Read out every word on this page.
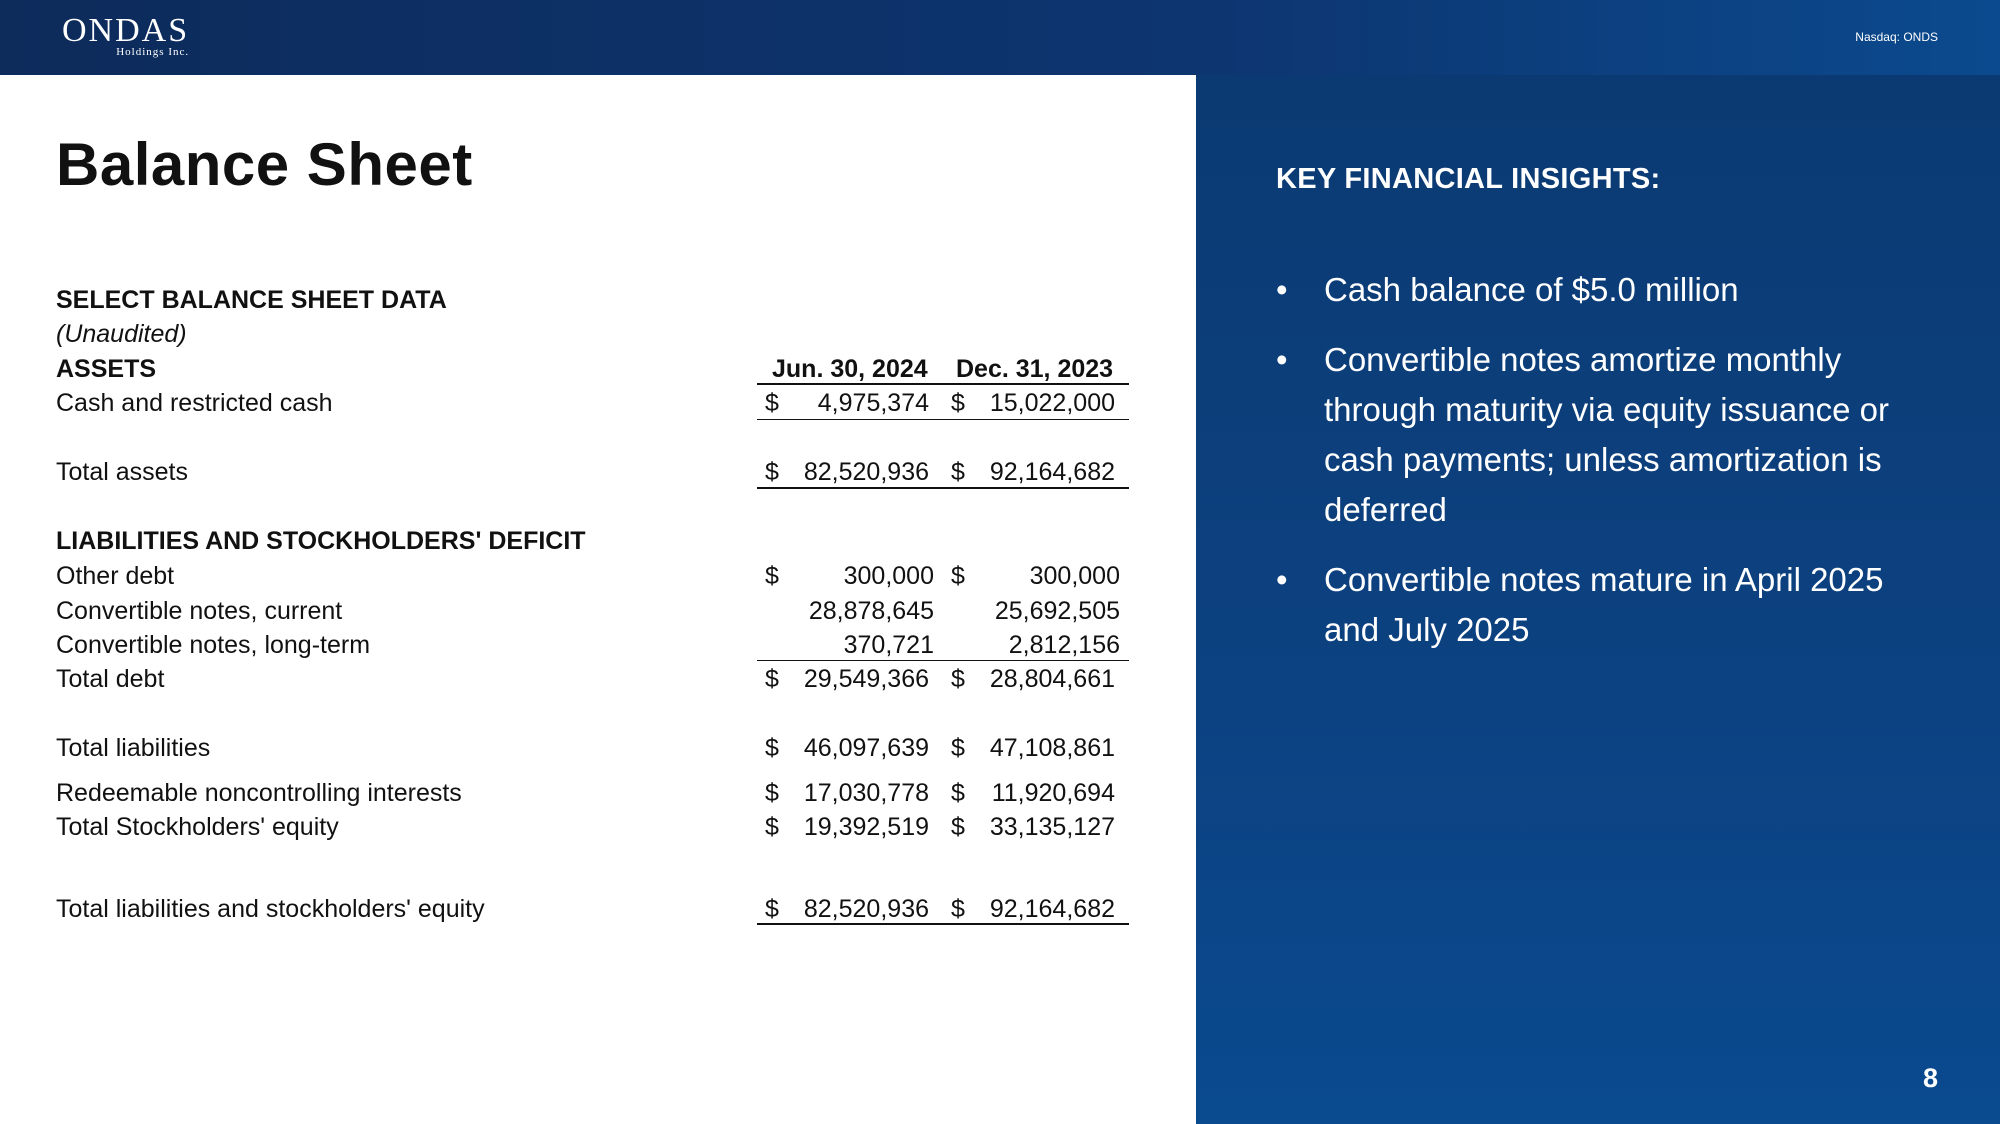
ONDAS
Holdings Inc.
Nasdaq: ONDS
Balance Sheet
SELECT BALANCE SHEET DATA
(Unaudited)
ASSETS	Jun. 30, 2024 Dec. 31, 2023
Cash and restricted cash	$ 4,975,374 $ 15,022,000
Total assets	$ 82,520,936 $ 92,164,682
LIABILITIES AND STOCKHOLDERS' DEFICIT
Other debt	$	300,000 $	300,000
Convertible notes, current	28,878,645 25,692,505
Convertible notes, long-term	370,721	2,812,156
Total debt	$ 29,549,366 $ 28,804,661
Total liabilities	$ 46,097,639 $ 47,108,861
Redeemable noncontrolling interests	$ 17,030,778 $ 11,920,694
Total Stockholders' equity	$ 19,392,519 $ 33,135,127
Total liabilities and stockholders' equity	$ 82,520,936 $ 92,164,682
KEY FINANCIAL INSIGHTS:
• Cash balance of $5.0 million
• Convertible notes amortize monthly through maturity via equity issuance or cash payments; unless amortization is deferred
• Convertible notes mature in April 2025 and July 2025
8
